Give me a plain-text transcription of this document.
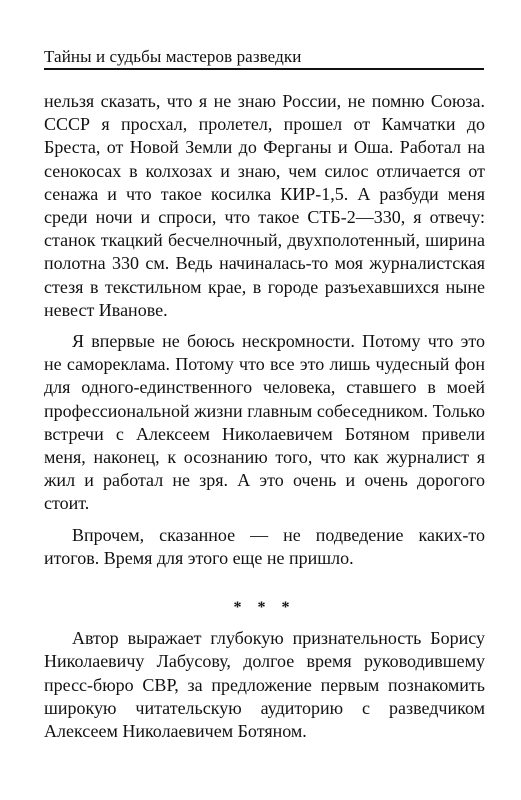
Тайны и судьбы мастеров разведки

нельзя сказать, что я не знаю России, не помню Союза. СССР я просхал, пролетел, прошел от Камчатки до Бреста, от Новой Земли до Ферганы и Оша. Работал на сенокосах в колхозах и знаю, чем силос отличается от сенажа и что такое косилка КИР-1,5. А разбуди меня среди ночи и спроси, что такое СТБ-2—330, я отвечу: станок ткацкий бесчелночный, двухполотенный, ширина полотна 330 см. Ведь начиналась-то моя журналистская стезя в текстильном крае, в городе разъехавшихся ныне невест Иванове.

Я впервые не боюсь нескромности. Потому что это не самореклама. Потому что все это лишь чудесный фон для одного-единственного человека, ставшего в моей профессиональной жизни главным собеседником. Только встречи с Алексеем Николаевичем Ботяном привели меня, наконец, к осознанию того, что как журналист я жил и работал не зря. А это очень и очень дорогого стоит.

Впрочем, сказанное — не подведение каких-то итогов. Время для этого еще не пришло.

* * *

Автор выражает глубокую признательность Борису Николаевичу Лабусову, долгое время руководившему пресс-бюро СВР, за предложение первым познакомить широкую читательскую аудиторию с разведчиком Алексеем Николаевичем Ботяном.
